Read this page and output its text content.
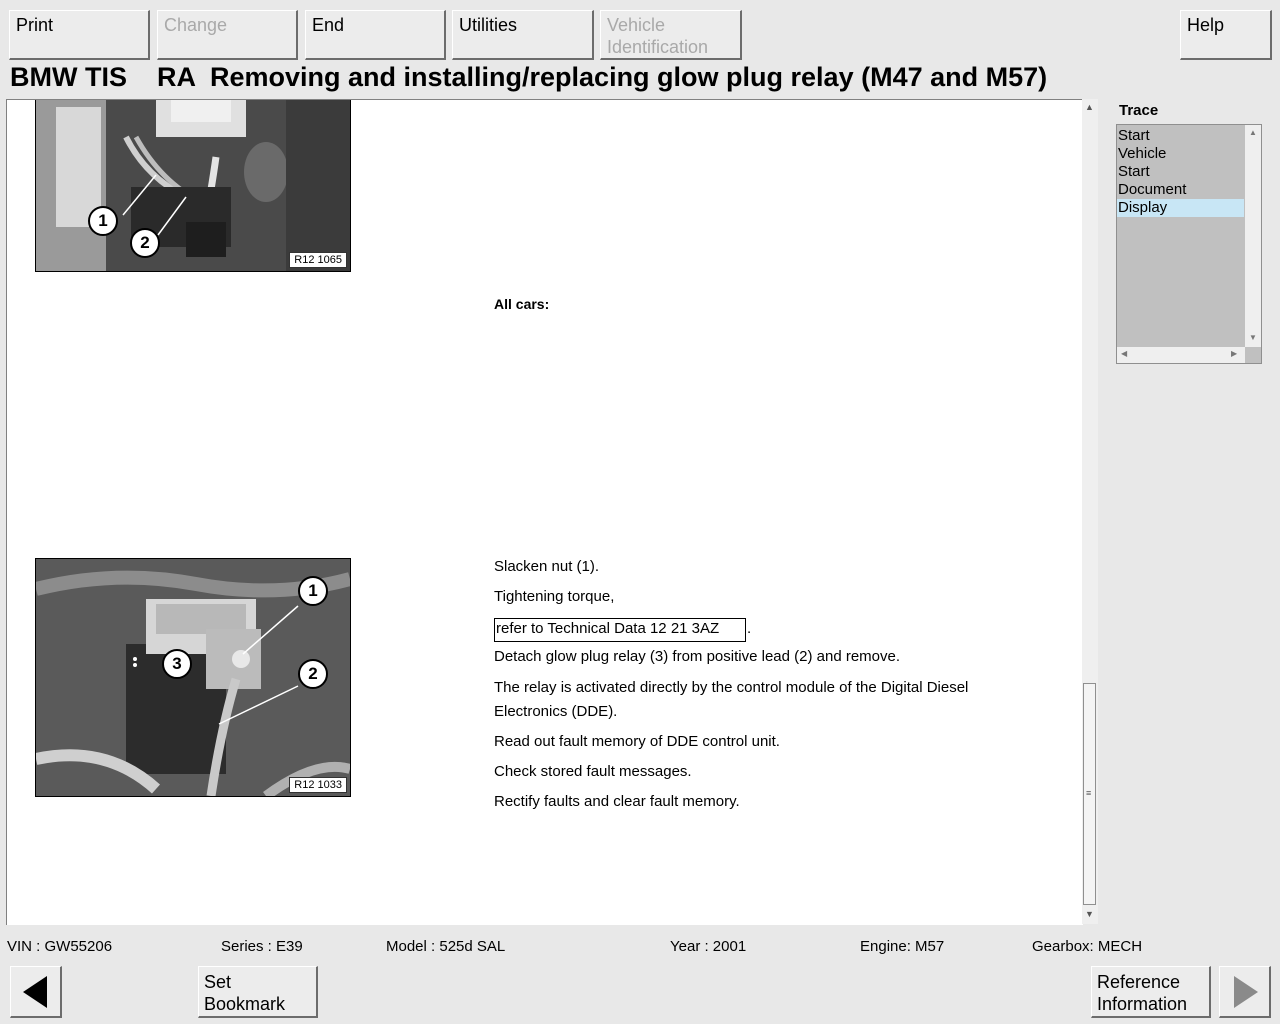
Print	Change	End	Utilities	Vehicle
Identification
Help
BMW TIS RA Removing and installing/replacing glow plug relay (M47 and M57)
1
2
R12 1065
All cars:
1
2
3
R12 1033
Slacken nut (1).
Tightening torque,
refer to Technical Data 12 21 3AZ	.
Detach glow plug relay (3) from positive lead (2) and remove.
The relay is activated directly by the control module of the Digital Diesel
Electronics (DDE).
Read out fault memory of DDE control unit.
Check stored fault messages.
Rectify faults and clear fault memory.
▲
≡
▼
Trace
Start
Vehicle
Start
Document
Display
▲
▼
◀	▶
VIN : GW55206	Series : E39	Model : 525d SAL	Year : 2001	Engine: M57	Gearbox: MECH
Set
Bookmark
Reference
Information
